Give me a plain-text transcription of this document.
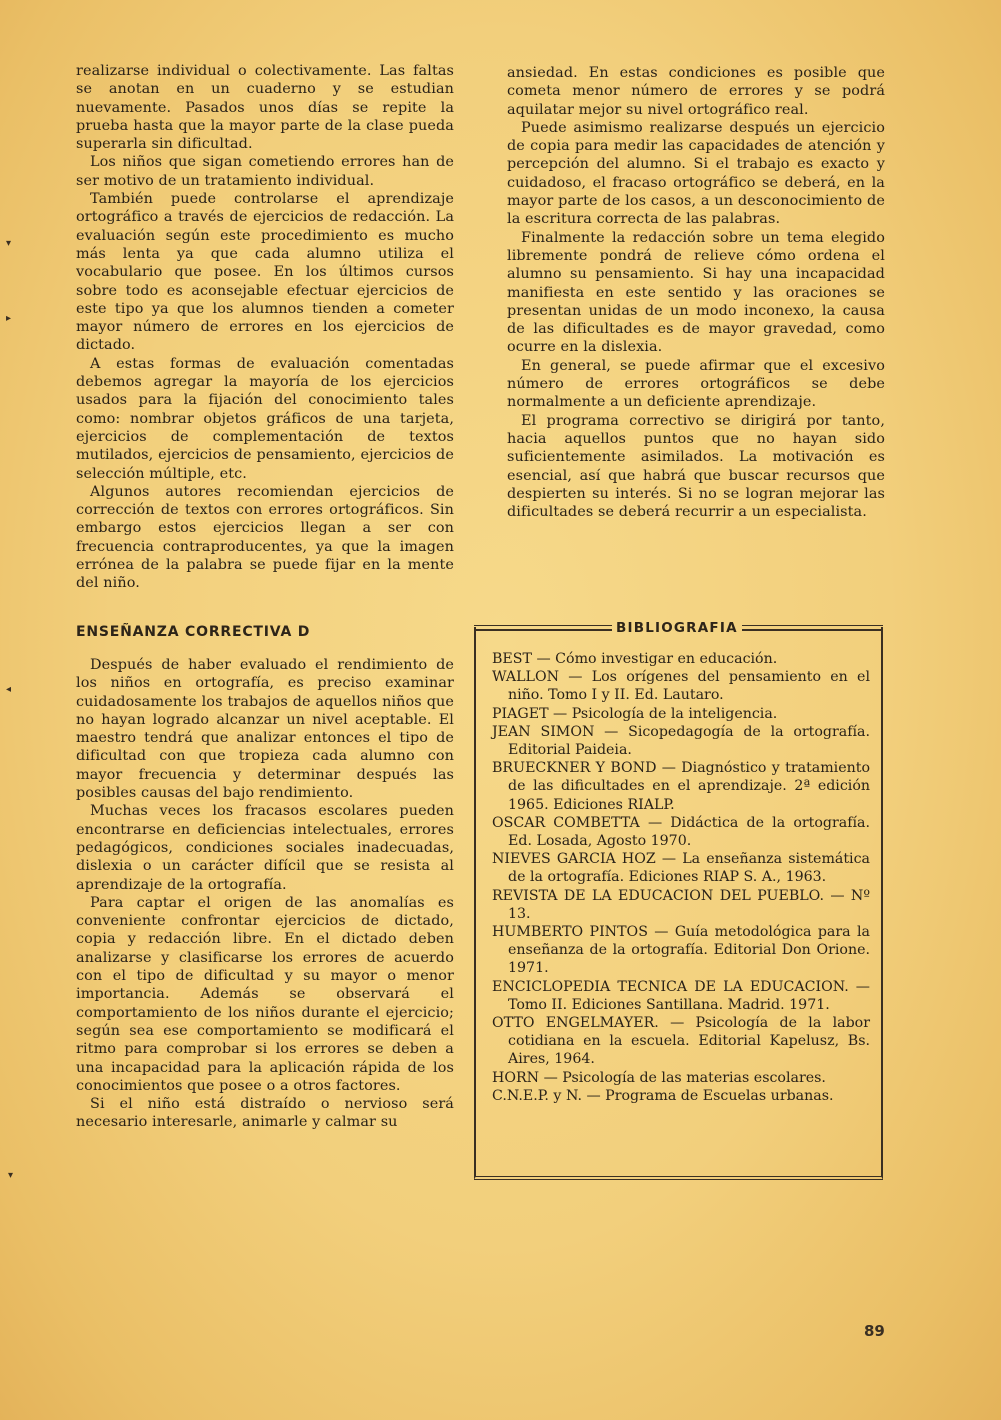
realizarse individual o colectivamente. Las faltas se anotan en un cuaderno y se estudian nuevamente. Pasados unos días se repite la prueba hasta que la mayor parte de la clase pueda superarla sin dificultad.

Los niños que sigan cometiendo errores han de ser motivo de un tratamiento individual.

También puede controlarse el aprendizaje ortográfico a través de ejercicios de redacción. La evaluación según este procedimiento es mucho más lenta ya que cada alumno utiliza el vocabulario que posee. En los últimos cursos sobre todo es aconsejable efectuar ejercicios de este tipo ya que los alumnos tienden a cometer mayor número de errores en los ejercicios de dictado.

A estas formas de evaluación comentadas debemos agregar la mayoría de los ejercicios usados para la fijación del conocimiento tales como: nombrar objetos gráficos de una tarjeta, ejercicios de complementación de textos mutilados, ejercicios de pensamiento, ejercicios de selección múltiple, etc.

Algunos autores recomiendan ejercicios de corrección de textos con errores ortográficos. Sin embargo estos ejercicios llegan a ser con frecuencia contraproducentes, ya que la imagen errónea de la palabra se puede fijar en la mente del niño.

ansiedad. En estas condiciones es posible que cometa menor número de errores y se podrá aquilatar mejor su nivel ortográfico real.

Puede asimismo realizarse después un ejercicio de copia para medir las capacidades de atención y percepción del alumno. Si el trabajo es exacto y cuidadoso, el fracaso ortográfico se deberá, en la mayor parte de los casos, a un desconocimiento de la escritura correcta de las palabras.

Finalmente la redacción sobre un tema elegido libremente pondrá de relieve cómo ordena el alumno su pensamiento. Si hay una incapacidad manifiesta en este sentido y las oraciones se presentan unidas de un modo inconexo, la causa de las dificultades es de mayor gravedad, como ocurre en la dislexia.

En general, se puede afirmar que el excesivo número de errores ortográficos se debe normalmente a un deficiente aprendizaje.

El programa correctivo se dirigirá por tanto, hacia aquellos puntos que no hayan sido suficientemente asimilados. La motivación es esencial, así que habrá que buscar recursos que despierten su interés. Si no se logran mejorar las dificultades se deberá recurrir a un especialista.

ENSEÑANZA CORRECTIVA D

Después de haber evaluado el rendimiento de los niños en ortografía, es preciso examinar cuidadosamente los trabajos de aquellos niños que no hayan logrado alcanzar un nivel aceptable. El maestro tendrá que analizar entonces el tipo de dificultad con que tropieza cada alumno con mayor frecuencia y determinar después las posibles causas del bajo rendimiento.

Muchas veces los fracasos escolares pueden encontrarse en deficiencias intelectuales, errores pedagógicos, condiciones sociales inadecuadas, dislexia o un carácter difícil que se resista al aprendizaje de la ortografía.

Para captar el origen de las anomalías es conveniente confrontar ejercicios de dictado, copia y redacción libre. En el dictado deben analizarse y clasificarse los errores de acuerdo con el tipo de dificultad y su mayor o menor importancia. Además se observará el comportamiento de los niños durante el ejercicio; según sea ese comportamiento se modificará el ritmo para comprobar si los errores se deben a una incapacidad para la aplicación rápida de los conocimientos que posee o a otros factores.

Si el niño está distraído o nervioso será necesario interesarle, animarle y calmar su

BIBLIOGRAFIA
BEST — Cómo investigar en educación.
WALLON — Los orígenes del pensamiento en el niño. Tomo I y II. Ed. Lautaro.
PIAGET — Psicología de la inteligencia.
JEAN SIMON — Sicopedagogía de la ortografía. Editorial Paideia.
BRUECKNER Y BOND — Diagnóstico y tratamiento de las dificultades en el aprendizaje. 2ª edición 1965. Ediciones RIALP.
OSCAR COMBETTA — Didáctica de la ortografía. Ed. Losada, Agosto 1970.
NIEVES GARCIA HOZ — La enseñanza sistemática de la ortografía. Ediciones RIAP S. A., 1963.
REVISTA DE LA EDUCACION DEL PUEBLO. — Nº 13.
HUMBERTO PINTOS — Guía metodológica para la enseñanza de la ortografía. Editorial Don Orione. 1971.
ENCICLOPEDIA TECNICA DE LA EDUCACION. — Tomo II. Ediciones Santillana. Madrid. 1971.
OTTO ENGELMAYER. — Psicología de la labor cotidiana en la escuela. Editorial Kapelusz, Bs. Aires, 1964.
HORN — Psicología de las materias escolares.
C.N.E.P. y N. — Programa de Escuelas urbanas.
89
▾
▸
◂
▾
